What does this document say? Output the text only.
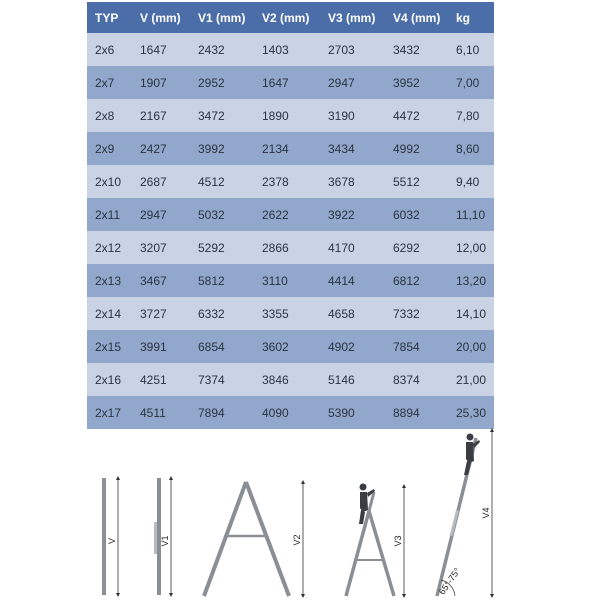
TYP	V (mm)	V1 (mm)	V2 (mm)	V3 (mm)	V4 (mm)	kg
2x6	1647	2432	1403	2703	3432	6,10
2x7	1907	2952	1647	2947	3952	7,00
2x8	2167	3472	1890	3190	4472	7,80
2x9	2427	3992	2134	3434	4992	8,60
2x10	2687	4512	2378	3678	5512	9,40
2x11	2947	5032	2622	3922	6032	11,10
2x12	3207	5292	2866	4170	6292	12,00
2x13	3467	5812	3110	4414	6812	13,20
2x14	3727	6332	3355	4658	7332	14,10
2x15	3991	6854	3602	4902	7854	20,00
2x16	4251	7374	3846	5146	8374	21,00
2x17	4511	7894	4090	5390	8894	25,30
V	V1	V2	V3
V4
65°-75°
